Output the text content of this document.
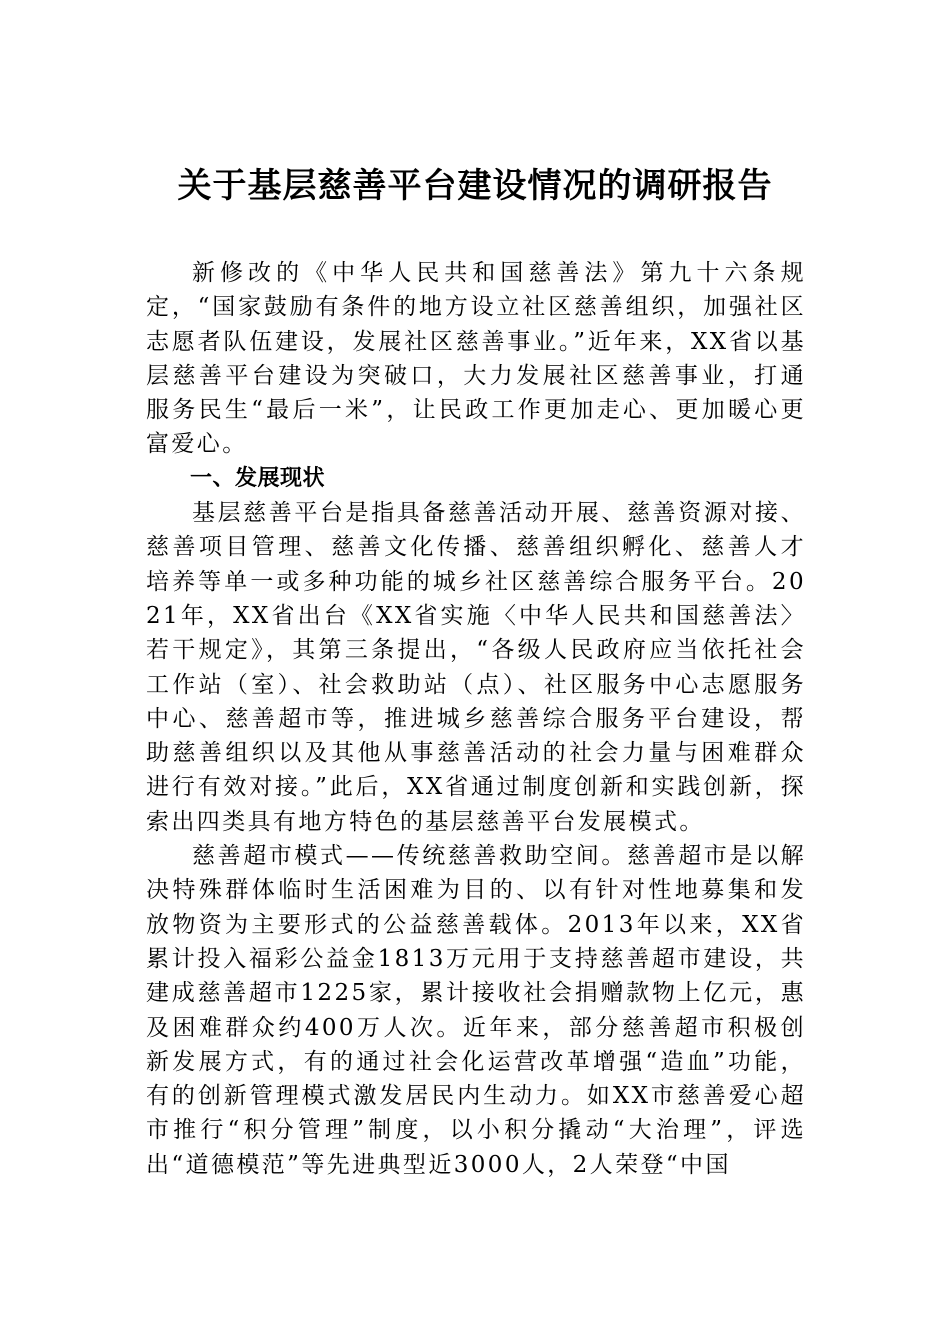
关于基层慈善平台建设情况的调研报告

新修改的《中华人民共和国慈善法》第九十六条规定，“国家鼓励有条件的地方设立社区慈善组织，加强社区志愿者队伍建设，发展社区慈善事业。”近年来，XX省以基层慈善平台建设为突破口，大力发展社区慈善事业，打通服务民生“最后一米”，让民政工作更加走心、更加暖心更富爱心。

一、发展现状

基层慈善平台是指具备慈善活动开展、慈善资源对接、慈善项目管理、慈善文化传播、慈善组织孵化、慈善人才培养等单一或多种功能的城乡社区慈善综合服务平台。2021年，XX省出台《XX省实施〈中华人民共和国慈善法〉若干规定》，其第三条提出，“各级人民政府应当依托社会工作站（室）、社会救助站（点）、社区服务中心志愿服务中心、慈善超市等，推进城乡慈善综合服务平台建设，帮助慈善组织以及其他从事慈善活动的社会力量与困难群众进行有效对接。”此后，XX省通过制度创新和实践创新，探索出四类具有地方特色的基层慈善平台发展模式。

慈善超市模式——传统慈善救助空间。慈善超市是以解决特殊群体临时生活困难为目的、以有针对性地募集和发放物资为主要形式的公益慈善载体。2013年以来，XX省累计投入福彩公益金1813万元用于支持慈善超市建设，共建成慈善超市1225家，累计接收社会捐赠款物上亿元，惠及困难群众约400万人次。近年来，部分慈善超市积极创新发展方式，有的通过社会化运营改革增强“造血”功能，有的创新管理模式激发居民内生动力。如XX市慈善爱心超市推行“积分管理”制度，以小积分撬动“大治理”，评选出“道德模范”等先进典型近3000人，2人荣登“中国
